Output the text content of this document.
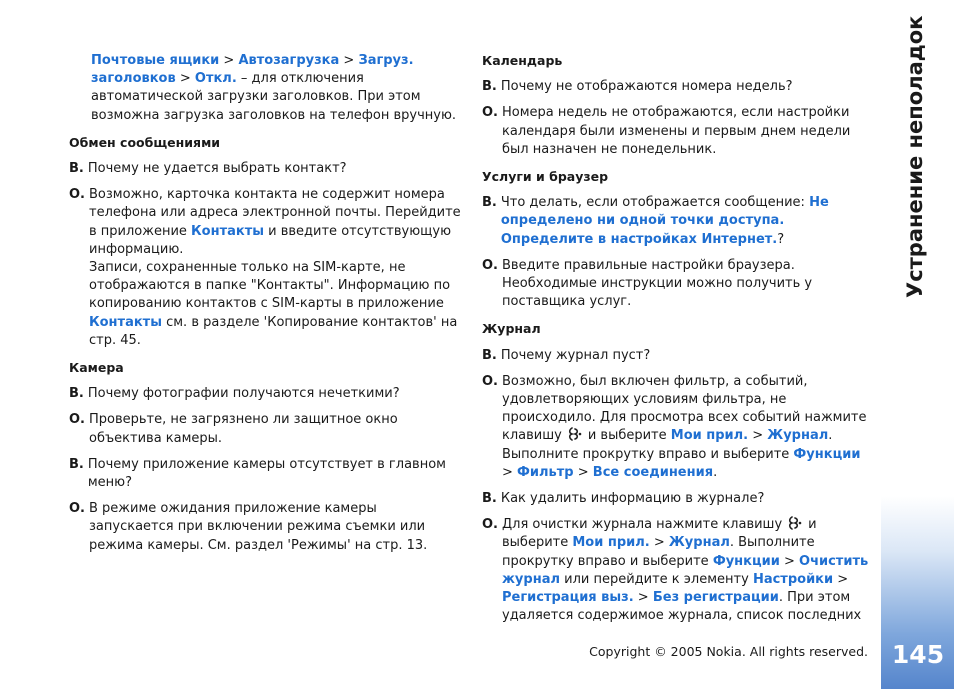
Устранение неполадок
145
Copyright © 2005 Nokia. All rights reserved.

Почтовые ящики > Автозагрузка > Загруз. заголовков > Откл. – для отключения автоматической загрузки заголовков. При этом возможна загрузка заголовков на телефон вручную.

Обмен сообщениями

В. Почему не удается выбрать контакт?
О. Возможно, карточка контакта не содержит номера телефона или адреса электронной почты. Перейдите в приложение Контакты и введите отсутствующую информацию.
Записи, сохраненные только на SIM-карте, не отображаются в папке "Контакты". Информацию по копированию контактов с SIM-карты в приложение Контакты см. в разделе 'Копирование контактов' на стр. 45.

Камера

В. Почему фотографии получаются нечеткими?
О. Проверьте, не загрязнено ли защитное окно объектива камеры.
В. Почему приложение камеры отсутствует в главном меню?
О. В режиме ожидания приложение камеры запускается при включении режима съемки или режима камеры. См. раздел 'Режимы' на стр. 13.

Календарь

В. Почему не отображаются номера недель?
О. Номера недель не отображаются, если настройки календаря были изменены и первым днем недели был назначен не понедельник.

Услуги и браузер

В. Что делать, если отображается сообщение: Не определено ни одной точки доступа. Определите в настройках Интернет.?
О. Введите правильные настройки браузера. Необходимые инструкции можно получить у поставщика услуг.

Журнал

В. Почему журнал пуст?
О. Возможно, был включен фильтр, а событий, удовлетворяющих условиям фильтра, не происходило. Для просмотра всех событий нажмите клавишу и выберите Мои прил. > Журнал. Выполните прокрутку вправо и выберите Функции > Фильтр > Все соединения.
В. Как удалить информацию в журнале?
О. Для очистки журнала нажмите клавишу и выберите Мои прил. > Журнал. Выполните прокрутку вправо и выберите Функции > Очистить журнал или перейдите к элементу Настройки > Регистрация выз. > Без регистрации. При этом удаляется содержимое журнала, список последних
